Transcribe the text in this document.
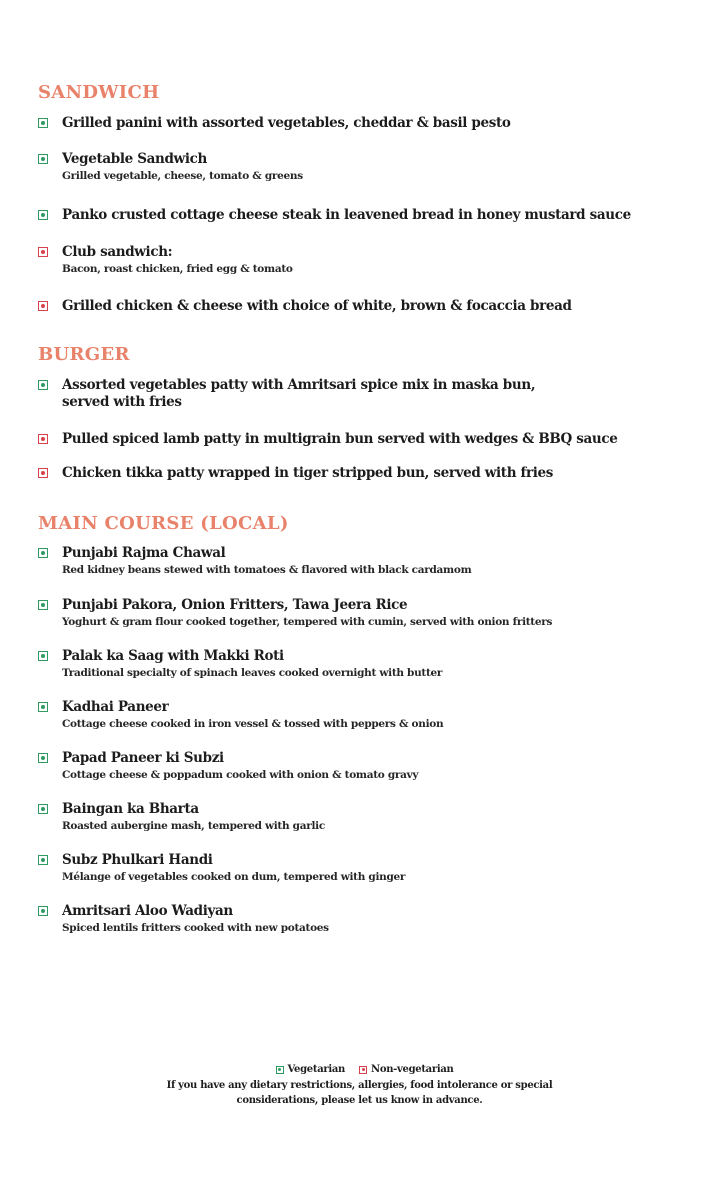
SANDWICH
Grilled panini with assorted vegetables, cheddar & basil pesto
Vegetable Sandwich
Grilled vegetable, cheese, tomato & greens
Panko crusted cottage cheese steak in leavened bread in honey mustard sauce
Club sandwich:
Bacon, roast chicken, fried egg & tomato
Grilled chicken & cheese with choice of white, brown & focaccia bread
BURGER
Assorted vegetables patty with Amritsari spice mix in maska bun,
served with fries
Pulled spiced lamb patty in multigrain bun served with wedges & BBQ sauce
Chicken tikka patty wrapped in tiger stripped bun, served with fries
MAIN COURSE (LOCAL)
Punjabi Rajma Chawal
Red kidney beans stewed with tomatoes & flavored with black cardamom
Punjabi Pakora, Onion Fritters, Tawa Jeera Rice
Yoghurt & gram flour cooked together, tempered with cumin, served with onion fritters
Palak ka Saag with Makki Roti
Traditional specialty of spinach leaves cooked overnight with butter
Kadhai Paneer
Cottage cheese cooked in iron vessel & tossed with peppers & onion
Papad Paneer ki Subzi
Cottage cheese & poppadum cooked with onion & tomato gravy
Baingan ka Bharta
Roasted aubergine mash, tempered with garlic
Subz Phulkari Handi
Mélange of vegetables cooked on dum, tempered with ginger
Amritsari Aloo Wadiyan
Spiced lentils fritters cooked with new potatoes
Vegetarian	Non-vegetarian
If you have any dietary restrictions, allergies, food intolerance or special
considerations, please let us know in advance.
